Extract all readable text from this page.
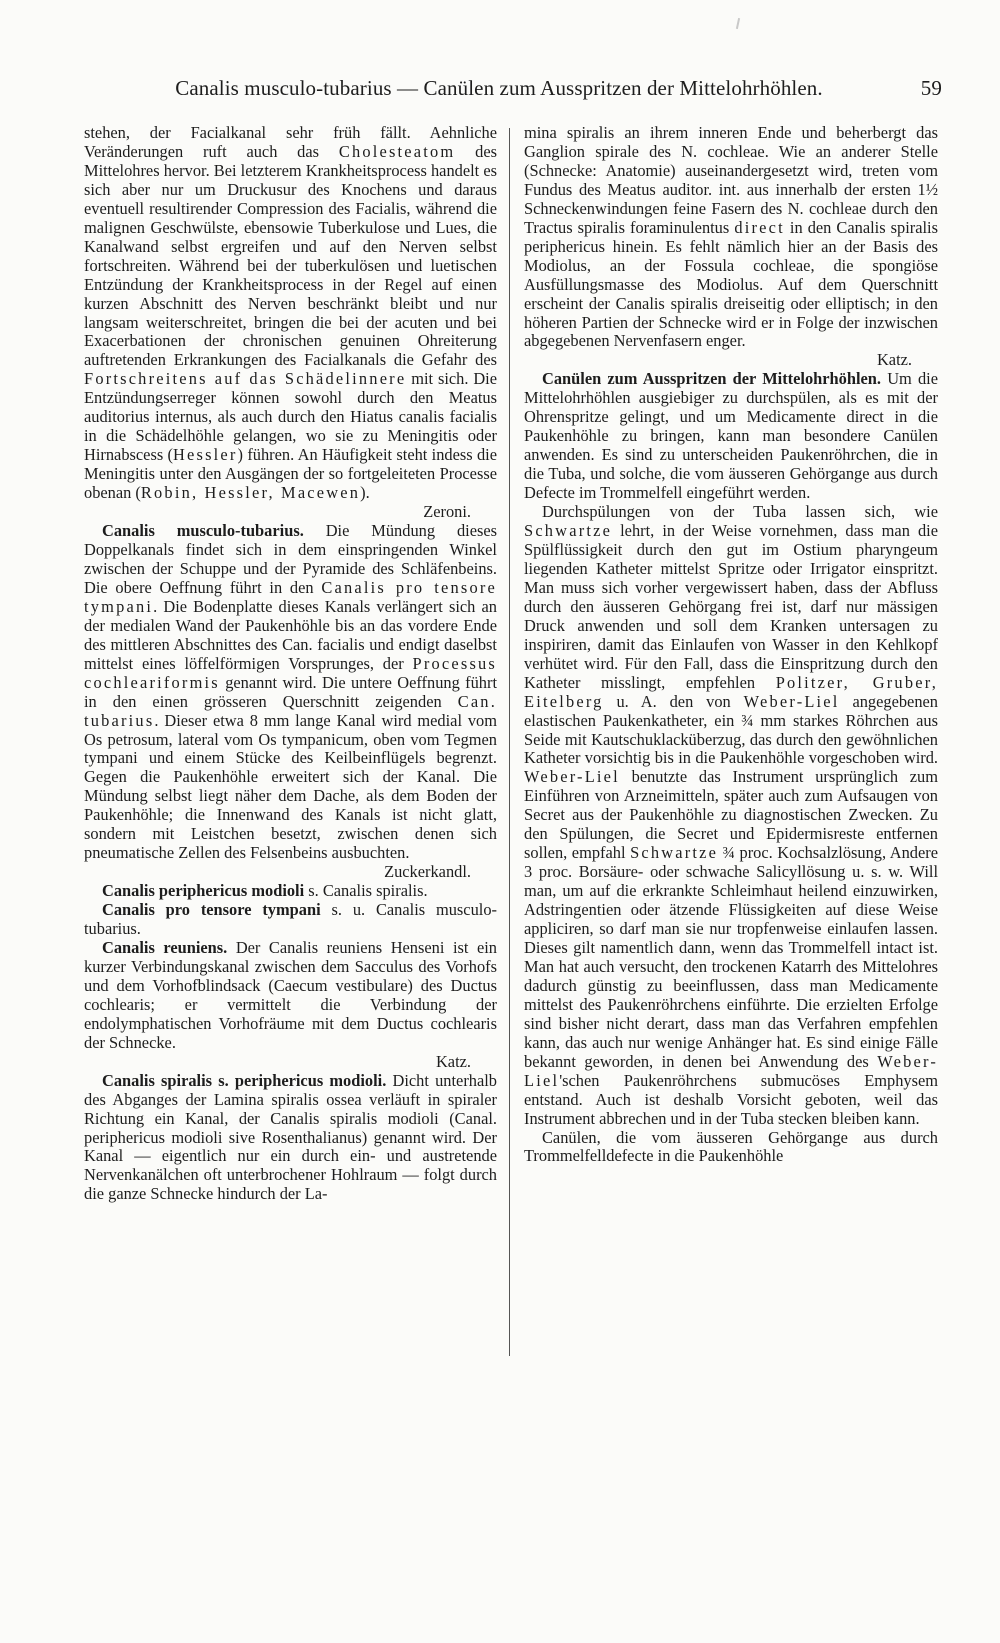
Canalis musculo-tubarius — Canülen zum Ausspritzen der Mittelohrhöhlen.	59

stehen, der Facialkanal sehr früh fällt. Aehnliche Veränderungen ruft auch das Cholesteatom des Mittelohres hervor. Bei letzterem Krankheitsprocess handelt es sich aber nur um Druckusur des Knochens und daraus eventuell resultirender Compression des Facialis, während die malignen Geschwülste, ebensowie Tuberkulose und Lues, die Kanalwand selbst ergreifen und auf den Nerven selbst fortschreiten. Während bei der tuberkulösen und luetischen Entzündung der Krankheitsprocess in der Regel auf einen kurzen Abschnitt des Nerven beschränkt bleibt und nur langsam weiterschreitet, bringen die bei der acuten und bei Exacerbationen der chronischen genuinen Ohreiterung auftretenden Erkrankungen des Facialkanals die Gefahr des Fortschreitens auf das Schädelinnere mit sich. Die Entzündungserreger können sowohl durch den Meatus auditorius internus, als auch durch den Hiatus canalis facialis in die Schädelhöhle gelangen, wo sie zu Meningitis oder Hirnabscess (Hessler) führen. An Häufigkeit steht indess die Meningitis unter den Ausgängen der so fortgeleiteten Processe obenan (Robin, Hessler, Macewen).

Zeroni.

Canalis musculo-tubarius. Die Mündung dieses Doppelkanals findet sich in dem einspringenden Winkel zwischen der Schuppe und der Pyramide des Schläfenbeins. Die obere Oeffnung führt in den Canalis pro tensore tympani. Die Bodenplatte dieses Kanals verlängert sich an der medialen Wand der Paukenhöhle bis an das vordere Ende des mittleren Abschnittes des Can. facialis und endigt daselbst mittelst eines löffelförmigen Vorsprunges, der Processus cochleariformis genannt wird. Die untere Oeffnung führt in den einen grösseren Querschnitt zeigenden Can. tubarius. Dieser etwa 8 mm lange Kanal wird medial vom Os petrosum, lateral vom Os tympanicum, oben vom Tegmen tympani und einem Stücke des Keilbeinflügels begrenzt. Gegen die Paukenhöhle erweitert sich der Kanal. Die Mündung selbst liegt näher dem Dache, als dem Boden der Paukenhöhle; die Innenwand des Kanals ist nicht glatt, sondern mit Leistchen besetzt, zwischen denen sich pneumatische Zellen des Felsenbeins ausbuchten.

Zuckerkandl.

Canalis periphericus modioli s. Canalis spiralis.

Canalis pro tensore tympani s. u. Canalis musculo-tubarius.

Canalis reuniens. Der Canalis reuniens Henseni ist ein kurzer Verbindungskanal zwischen dem Sacculus des Vorhofs und dem Vorhofblindsack (Caecum vestibulare) des Ductus cochlearis; er vermittelt die Verbindung der endolymphatischen Vorhofräume mit dem Ductus cochlearis der Schnecke.

Katz.

Canalis spiralis s. periphericus modioli. Dicht unterhalb des Abganges der Lamina spiralis ossea verläuft in spiraler Richtung ein Kanal, der Canalis spiralis modioli (Canal. periphericus modioli sive Rosenthalianus) genannt wird. Der Kanal — eigentlich nur ein durch ein- und austretende Nervenkanälchen oft unterbrochener Hohlraum — folgt durch die ganze Schnecke hindurch der La-

mina spiralis an ihrem inneren Ende und beherbergt das Ganglion spirale des N. cochleae. Wie an anderer Stelle (Schnecke: Anatomie) auseinandergesetzt wird, treten vom Fundus des Meatus auditor. int. aus innerhalb der ersten 1½ Schneckenwindungen feine Fasern des N. cochleae durch den Tractus spiralis foraminulentus direct in den Canalis spiralis periphericus hinein. Es fehlt nämlich hier an der Basis des Modiolus, an der Fossula cochleae, die spongiöse Ausfüllungsmasse des Modiolus. Auf dem Querschnitt erscheint der Canalis spiralis dreiseitig oder elliptisch; in den höheren Partien der Schnecke wird er in Folge der inzwischen abgegebenen Nervenfasern enger.

Katz.

Canülen zum Ausspritzen der Mittelohrhöhlen. Um die Mittelohrhöhlen ausgiebiger zu durchspülen, als es mit der Ohrenspritze gelingt, und um Medicamente direct in die Paukenhöhle zu bringen, kann man besondere Canülen anwenden. Es sind zu unterscheiden Paukenröhrchen, die in die Tuba, und solche, die vom äusseren Gehörgange aus durch Defecte im Trommelfell eingeführt werden.

Durchspülungen von der Tuba lassen sich, wie Schwartze lehrt, in der Weise vornehmen, dass man die Spülflüssigkeit durch den gut im Ostium pharyngeum liegenden Katheter mittelst Spritze oder Irrigator einspritzt. Man muss sich vorher vergewissert haben, dass der Abfluss durch den äusseren Gehörgang frei ist, darf nur mässigen Druck anwenden und soll dem Kranken untersagen zu inspiriren, damit das Einlaufen von Wasser in den Kehlkopf verhütet wird. Für den Fall, dass die Einspritzung durch den Katheter misslingt, empfehlen Politzer, Gruber, Eitelberg u. A. den von Weber-Liel angegebenen elastischen Paukenkatheter, ein ¾ mm starkes Röhrchen aus Seide mit Kautschuklacküberzug, das durch den gewöhnlichen Katheter vorsichtig bis in die Paukenhöhle vorgeschoben wird. Weber-Liel benutzte das Instrument ursprünglich zum Einführen von Arzneimitteln, später auch zum Aufsaugen von Secret aus der Paukenhöhle zu diagnostischen Zwecken. Zu den Spülungen, die Secret und Epidermisreste entfernen sollen, empfahl Schwartze ¾ proc. Kochsalzlösung, Andere 3 proc. Borsäure- oder schwache Salicyllösung u. s. w. Will man, um auf die erkrankte Schleimhaut heilend einzuwirken, Adstringentien oder ätzende Flüssigkeiten auf diese Weise appliciren, so darf man sie nur tropfenweise einlaufen lassen. Dieses gilt namentlich dann, wenn das Trommelfell intact ist. Man hat auch versucht, den trockenen Katarrh des Mittelohres dadurch günstig zu beeinflussen, dass man Medicamente mittelst des Paukenröhrchens einführte. Die erzielten Erfolge sind bisher nicht derart, dass man das Verfahren empfehlen kann, das auch nur wenige Anhänger hat. Es sind einige Fälle bekannt geworden, in denen bei Anwendung des Weber-Liel'schen Paukenröhrchens submucöses Emphysem entstand. Auch ist deshalb Vorsicht geboten, weil das Instrument abbrechen und in der Tuba stecken bleiben kann.

Canülen, die vom äusseren Gehörgange aus durch Trommelfelldefecte in die Paukenhöhle
